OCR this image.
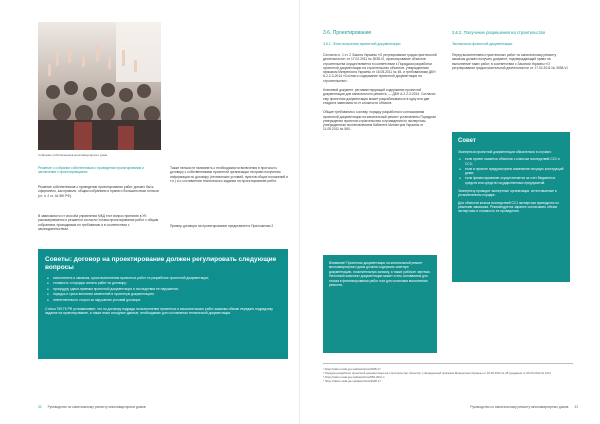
Собрание собственников многоквартирного дома
Решение о собрании собственников о проведении проектирования и заключении с проектировщиком
Решение собственников о проведении проектирования работ должно быть оформлено, как правило, общим собранием и принято большинством голосов (ст. п. 2 ст. 44 ЖК РФ).
В зависимости от способа управления МКД этот вопрос принятия в УК рассматривается и решается согласно Устава проектирования работ с общим собранием, проводимым по требованию и в соответствии с законодательством.
Также нельзя не напомнить о необходимости включения в протокол к договору с собственниками проектной организации на право получения информации по договору (технических условий, пунктов общих положений и т.п.) и о составлении технического задания на проектирование работ.
Пример договора на проектирование представлен в Приложении 2.
Советы: договор на проектирование должен регулировать следующие вопросы
● исполнитель и заказчик, сроки выполнения проектных работ по разработке проектной документации;
● стоимость и порядок оплаты работ по договору;
● процедуру сдачи-приемки проектной документации и последствия ее нарушения;
● порядок и сроки внесения изменений в проектную документацию;
● ответственность сторон за нарушение условий договора.

Статья 759 ГК РФ устанавливает, что по договору подряда на выполнение проектных и изыскательских работ заказчик обязан передать подрядчику задание на проектирование, а также иные исходные данные, необходимые для составления технической документации.

32 Руководство по капитальному ремонту многоквартирных домов
3.6. Проектирование
3.6.1. Этап получения проектной документации

Согласно п. 1 ст. 2 Закона Украины «О регулировании градостроительной деятельности» от 17.02.2011 № 3038-VI, проектирование объектов строительства осуществляется в соответствии с Порядком разработки проектной документации на строительство объектов, утвержденным приказом Минрегиона Украины от 16.05.2011 № 45, и требованиями ДБН А.2.2-3-2014 «Состав и содержание проектной документации на строительство».

Ключевой документ, регламентирующий содержание проектной документации для капитального ремонта, — ДБН А.2.2-3-2014. Согласно ему проектная документация может разрабатываться в одну или две стадии в зависимости от сложности объекта.

Общие требования к составу, порядку разработки и согласования проектной документации на капитальный ремонт установлены Порядком утверждения проектов строительства и проведения их экспертизы, утвержденным постановлением Кабинета Министров Украины от 11.05.2011 № 560.

Внимание! Проектная документация на капитальный ремонт многоквартирного дома должна содержать сметную документацию, пояснительную записку, а также рабочие чертежи. Неполный комплект документации может стать основанием для отказа в финансировании работ или для остановки выполнения ремонта.

3.6.2. Получение разрешения на строительство
Экспертиза проектной документации
Перед выполнением строительных работ по капитальному ремонту заказчик должен получить документ, подтверждающий право на выполнение таких работ, в соответствии с Законом Украины «О регулировании градостроительной деятельности» от 17.02.2011 № 3038-VI.
Совет

Экспертиза проектной документации обязательна в случаях:

● если проект касается объектов с классом последствий СС2 и СС3;
● если в проекте предусмотрено изменение несущих конструкций дома;
● если финансирование осуществляется за счет бюджетных средств или средств государственных предприятий.

Экспертизу проводят экспертные организации, аттестованные в установленном порядке.

Для объектов класса последствий СС1 экспертиза проводится по решению заказчика. Рекомендуется заранее согласовать объем экспертизы и стоимость ее проведения.

¹ https://zakon.rada.gov.ua/laws/show/3038-17
² Порядок разработки проектной документации на строительство объектов, утвержденный приказом Минрегиона Украины от 16.05.2011 № 45 (редакция от 06.03.2012 № 102).
³ https://zakon.rada.gov.ua/laws/show/560-2011-п
⁴ https://zakon.rada.gov.ua/laws/show/3038-17
Руководство по капитальному ремонту многоквартирных домов 33
